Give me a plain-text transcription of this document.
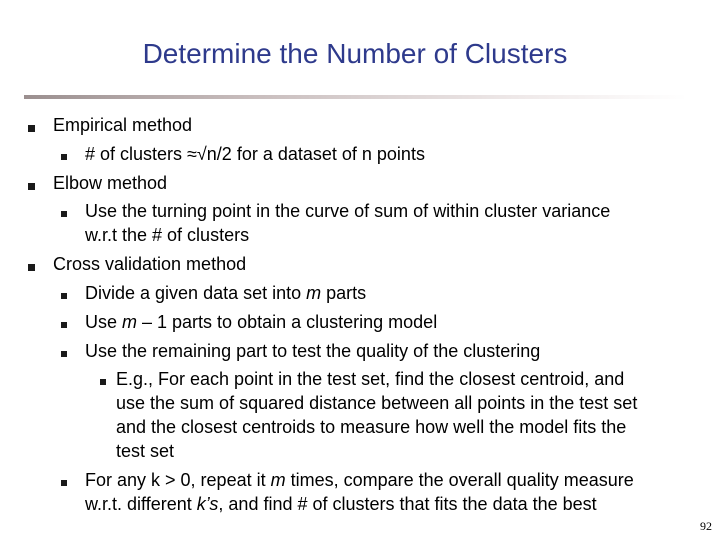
Determine the Number of Clusters
Empirical method
# of clusters ≈√n/2 for a dataset of n points
Elbow method
Use the turning point in the curve of sum of within cluster variance
w.r.t the # of clusters
Cross validation method
Divide a given data set into m parts
Use m – 1 parts to obtain a clustering model
Use the remaining part to test the quality of the clustering
E.g., For each point in the test set, find the closest centroid, and
use the sum of squared distance between all points in the test set
and the closest centroids to measure how well the model fits the
test set
For any k > 0, repeat it m times, compare the overall quality measure
w.r.t. different k’s, and find # of clusters that fits the data the best
92
